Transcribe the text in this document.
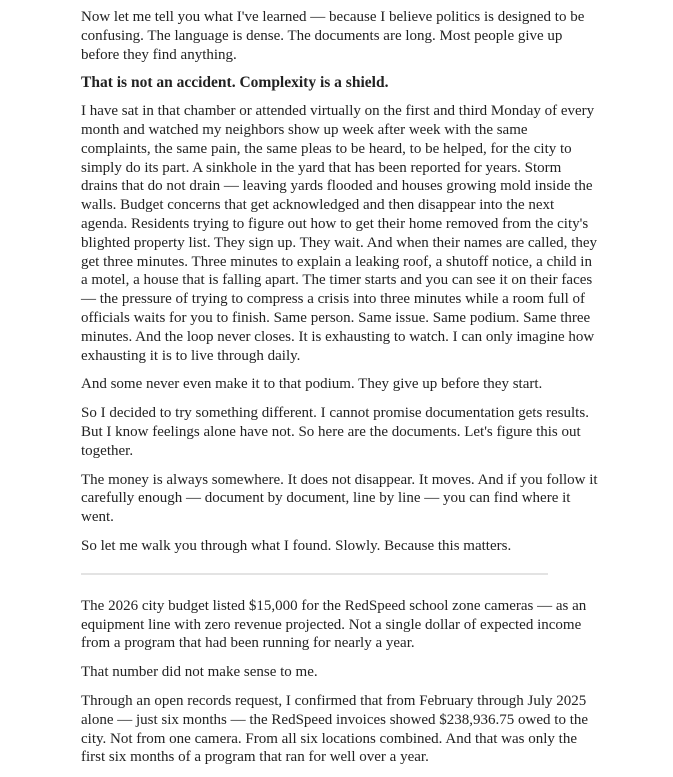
Now let me tell you what I've learned — because I believe politics is designed to be confusing. The language is dense. The documents are long. Most people give up before they find anything.

That is not an accident. Complexity is a shield.

I have sat in that chamber or attended virtually on the first and third Monday of every month and watched my neighbors show up week after week with the same complaints, the same pain, the same pleas to be heard, to be helped, for the city to simply do its part. A sinkhole in the yard that has been reported for years. Storm drains that do not drain — leaving yards flooded and houses growing mold inside the walls. Budget concerns that get acknowledged and then disappear into the next agenda. Residents trying to figure out how to get their home removed from the city's blighted property list. They sign up. They wait. And when their names are called, they get three minutes. Three minutes to explain a leaking roof, a shutoff notice, a child in a motel, a house that is falling apart. The timer starts and you can see it on their faces — the pressure of trying to compress a crisis into three minutes while a room full of officials waits for you to finish. Same person. Same issue. Same podium. Same three minutes. And the loop never closes. It is exhausting to watch. I can only imagine how exhausting it is to live through daily.

And some never even make it to that podium. They give up before they start.

So I decided to try something different. I cannot promise documentation gets results. But I know feelings alone have not. So here are the documents. Let's figure this out together.

The money is always somewhere. It does not disappear. It moves. And if you follow it carefully enough — document by document, line by line — you can find where it went.

So let me walk you through what I found. Slowly. Because this matters.

The 2026 city budget listed $15,000 for the RedSpeed school zone cameras — as an equipment line with zero revenue projected. Not a single dollar of expected income from a program that had been running for nearly a year.

That number did not make sense to me.

Through an open records request, I confirmed that from February through July 2025 alone — just six months — the RedSpeed invoices showed $238,936.75 owed to the city. Not from one camera. From all six locations combined. And that was only the first six months of a program that ran for well over a year.
